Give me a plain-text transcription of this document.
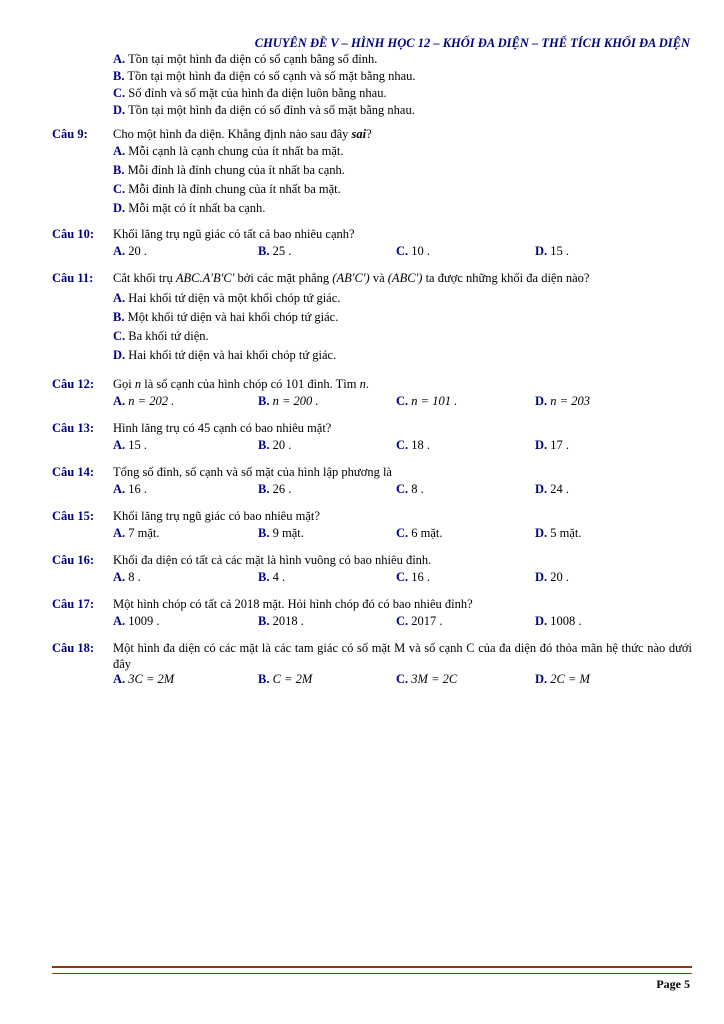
CHUYÊN ĐỀ V – HÌNH HỌC 12 – KHỐI ĐA DIỆN – THỂ TÍCH KHỐI ĐA DIỆN
A. Tồn tại một hình đa diện có số cạnh bằng số đỉnh.
B. Tồn tại một hình đa diện có số cạnh và số mặt bằng nhau.
C. Số đỉnh và số mặt của hình đa diện luôn bằng nhau.
D. Tồn tại một hình đa diện có số đỉnh và số mặt bằng nhau.
Câu 9:	Cho một hình đa diện. Khẳng định nào sau đây sai?
A. Mỗi cạnh là cạnh chung của ít nhất ba mặt.
B. Mỗi đỉnh là đỉnh chung của ít nhất ba cạnh.
C. Mỗi đỉnh là đỉnh chung của ít nhất ba mặt.
D. Mỗi mặt có ít nhất ba cạnh.
Câu 10:	Khối lăng trụ ngũ giác có tất cả bao nhiêu cạnh?
A. 20 .	B. 25 .	C. 10 .	D. 15 .
Câu 11:	Cắt khối trụ ABC.A′B′C′ bởi các mặt phẳng (AB′C′) và (ABC′) ta được những khối đa diện nào?
A. Hai khối tứ diện và một khối chóp tứ giác.
B. Một khối tứ diện và hai khối chóp tứ giác.
C. Ba khối tứ diện.
D. Hai khối tứ diện và hai khối chóp tứ giác.
Câu 12:	Gọi n là số cạnh của hình chóp có 101 đỉnh. Tìm n.
A. n = 202 .	B. n = 200 .	C. n = 101 .	D. n = 203
Câu 13:	Hình lăng trụ có 45 cạnh có bao nhiêu mặt?
A. 15 .	B. 20 .	C. 18 .	D. 17 .
Câu 14:	Tổng số đỉnh, số cạnh và số mặt của hình lập phương là
A. 16 .	B. 26 .	C. 8 .	D. 24 .
Câu 15:	Khối lăng trụ ngũ giác có bao nhiêu mặt?
A. 7 mặt.	B. 9 mặt.	C. 6 mặt.	D. 5 mặt.
Câu 16:	Khối đa diện có tất cả các mặt là hình vuông có bao nhiêu đỉnh.
A. 8 .	B. 4 .	C. 16 .	D. 20 .
Câu 17:	Một hình chóp có tất cả 2018 mặt. Hỏi hình chóp đó có bao nhiêu đỉnh?
A. 1009 .	B. 2018 .	C. 2017 .	D. 1008 .
Câu 18:	Một hình đa diện có các mặt là các tam giác có số mặt M và số cạnh C của đa diện đó thỏa mãn hệ thức nào dưới đây
A. 3C = 2M	B. C = 2M	C. 3M = 2C	D. 2C = M
Page 5
